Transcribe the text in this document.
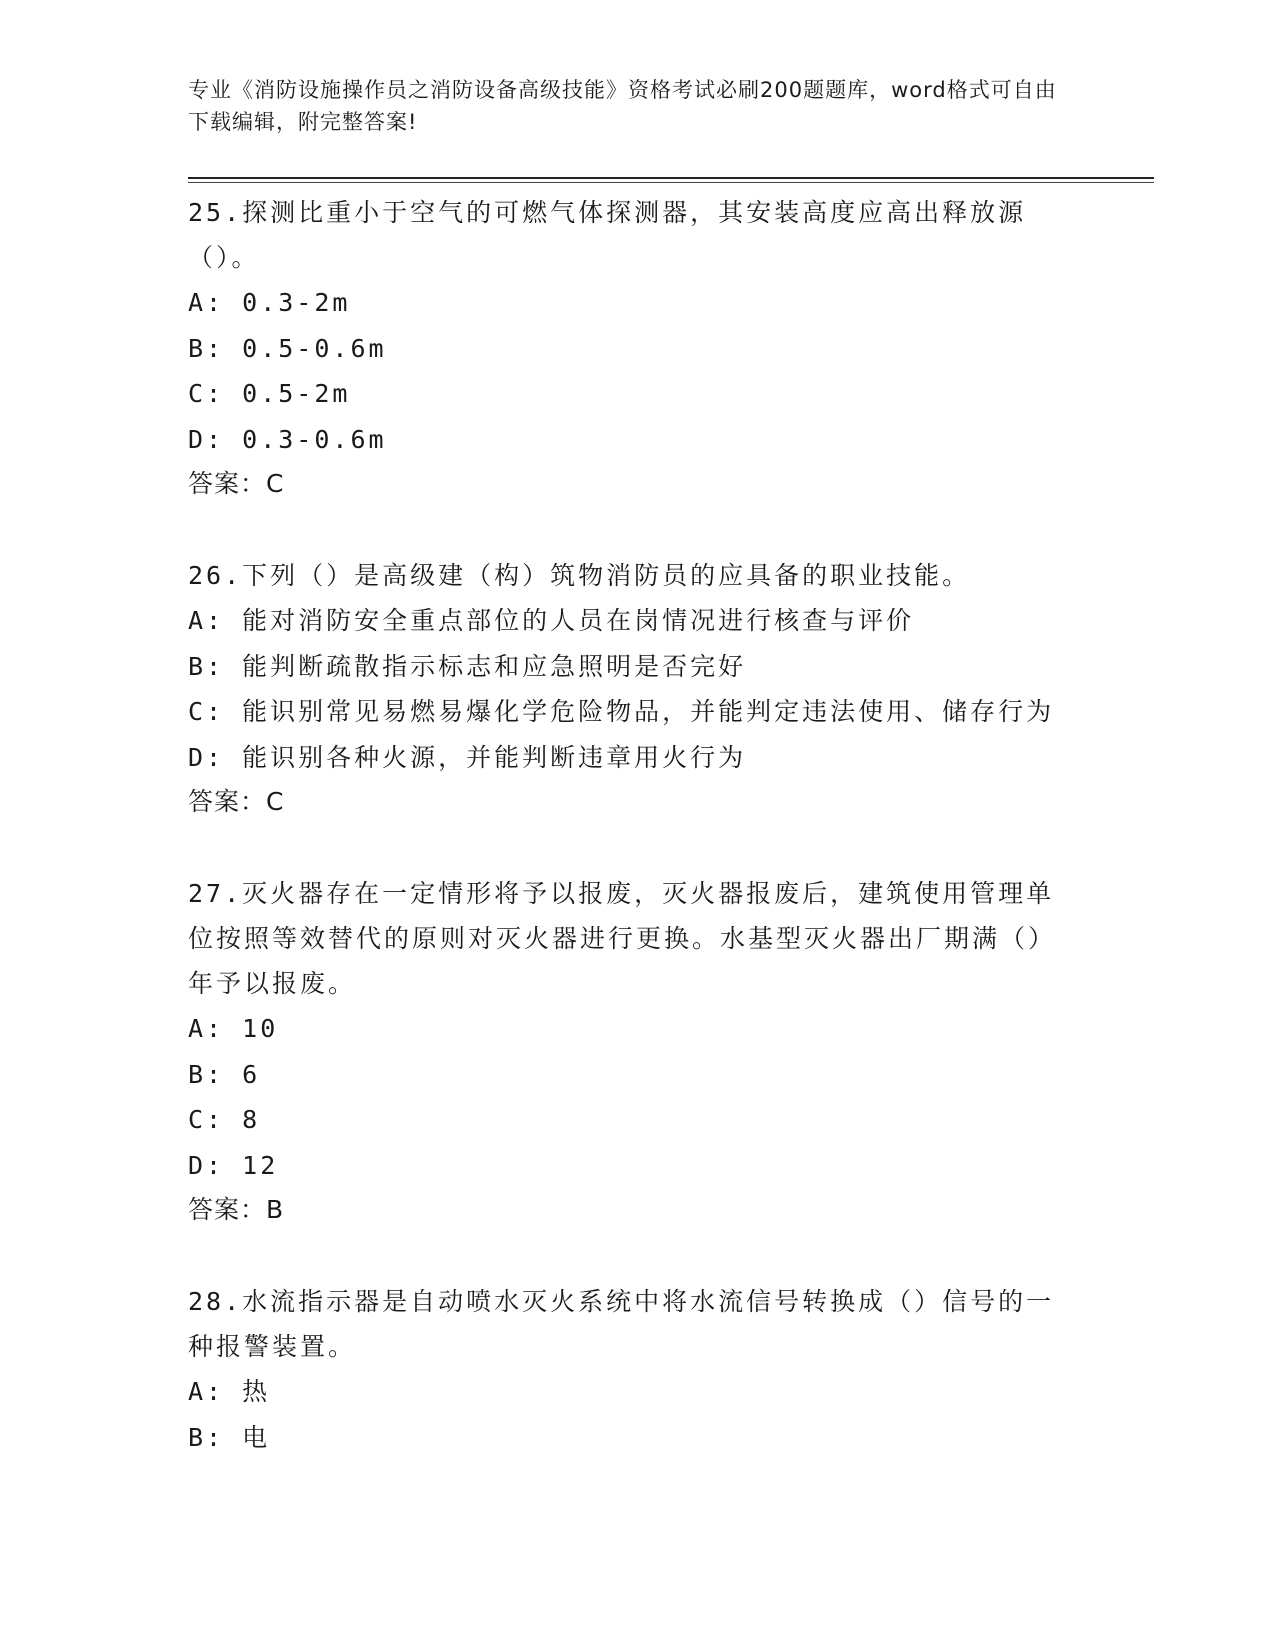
专业《消防设施操作员之消防设备高级技能》资格考试必刷200题题库，word格式可自由下载编辑，附完整答案!
25.探测比重小于空气的可燃气体探测器，其安装高度应高出释放源（）。
A: 0.3-2m
B: 0.5-0.6m
C: 0.5-2m
D: 0.3-0.6m
答案：C
26.下列（）是高级建（构）筑物消防员的应具备的职业技能。
A: 能对消防安全重点部位的人员在岗情况进行核查与评价
B: 能判断疏散指示标志和应急照明是否完好
C: 能识别常见易燃易爆化学危险物品，并能判定违法使用、储存行为
D: 能识别各种火源，并能判断违章用火行为
答案：C
27.灭火器存在一定情形将予以报废，灭火器报废后，建筑使用管理单位按照等效替代的原则对灭火器进行更换。水基型灭火器出厂期满（）年予以报废。
A: 10
B: 6
C: 8
D: 12
答案：B
28.水流指示器是自动喷水灭火系统中将水流信号转换成（）信号的一种报警装置。
A: 热
B: 电
